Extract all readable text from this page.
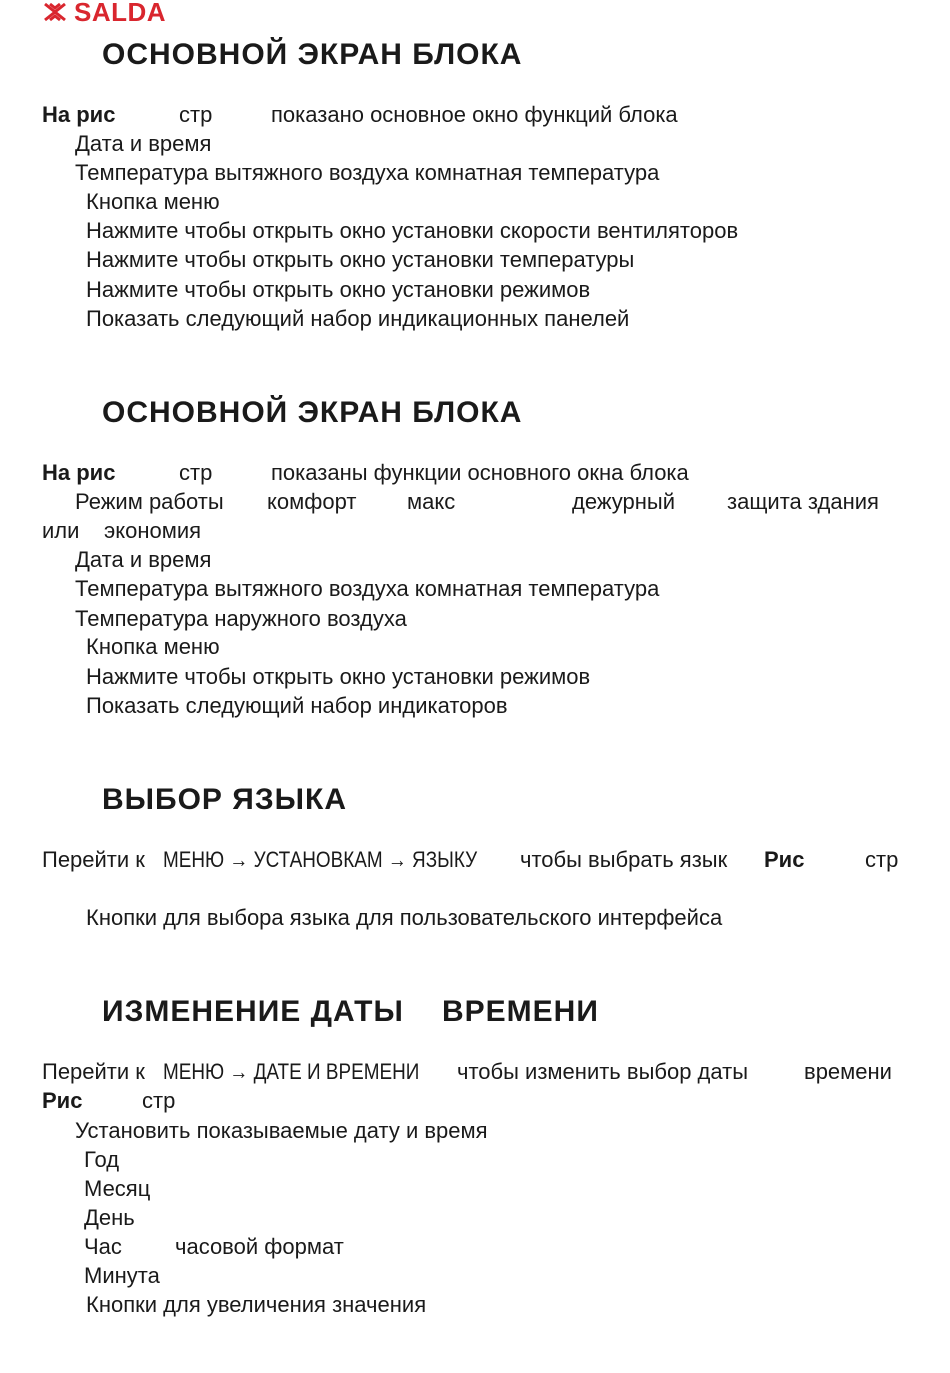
SALDA
ОСНОВНОЙ ЭКРАН БЛОКА
На рис	стр	показано основное окно функций блока
Дата и время
Температура вытяжного воздуха комнатная температура
Кнопка меню
Нажмите чтобы открыть окно установки скорости вентиляторов
Нажмите чтобы открыть окно установки температуры
Нажмите чтобы открыть окно установки режимов
Показать следующий набор индикационных панелей
ОСНОВНОЙ ЭКРАН БЛОКА
На рис	стр	показаны функции основного окна блока
Режим работы комфорт макс	дежурный защита здания
или экономия
Дата и время
Температура вытяжного воздуха комнатная температура
Температура наружного воздуха
Кнопка меню
Нажмите чтобы открыть окно установки режимов
Показать следующий набор индикаторов
ВЫБОР ЯЗЫКА
Перейти к МЕНЮ → УСТАНОВКАМ → ЯЗЫКУ чтобы выбрать язык Рис	стр
Кнопки для выбора языка для пользовательского интерфейса
ИЗМЕНЕНИЕ ДАТЫ ВРЕМЕНИ
Перейти к МЕНЮ → ДАТЕ И ВРЕМЕНИ чтобы изменить выбор даты	времени
Рис	стр
Установить показываемые дату и время
Год
Месяц
День
Час часовой формат
Минута
Кнопки для увеличения значения
